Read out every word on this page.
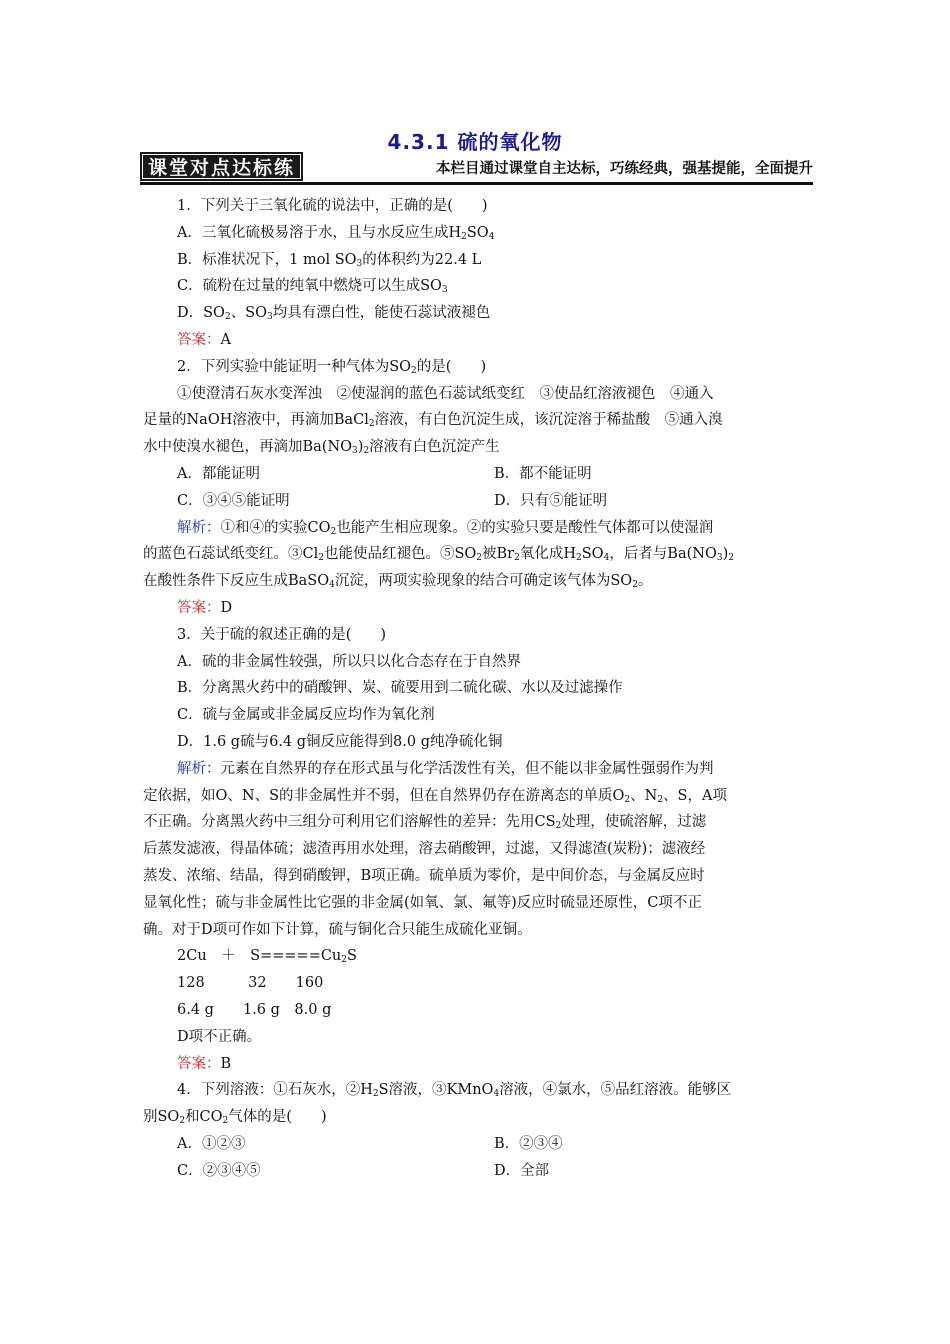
4.3.1 硫的氧化物
课堂对点达标练	本栏目通过课堂自主达标，巧练经典，强基提能，全面提升

1．下列关于三氧化硫的说法中，正确的是(　　)

A．三氧化硫极易溶于水，且与水反应生成$H_2SO_4$

B．标准状况下，1 mol $SO_3$的体积约为22.4 L

C．硫粉在过量的纯氧中燃烧可以生成$SO_3$

D．$SO_2$、$SO_3$均具有漂白性，能使石蕊试液褪色

答案：A

2．下列实验中能证明一种气体为$SO_2$的是(　　)

①使澄清石灰水变浑浊　②使湿润的蓝色石蕊试纸变红　③使品红溶液褪色　④通入

足量的NaOH溶液中，再滴加BaCl$_2$溶液，有白色沉淀生成，该沉淀溶于稀盐酸　⑤通入溴

水中使溴水褪色，再滴加$Ba(NO_3)_2$溶液有白色沉淀产生

A．都能证明	B．都不能证明
C．③④⑤能证明	D．只有⑤能证明

解析：①和④的实验$CO_2$也能产生相应现象。②的实验只要是酸性气体都可以使湿润

的蓝色石蕊试纸变红。$③Cl_2$也能使品红褪色。$⑤SO_2$被$Br_2$氧化成$H_2SO_4$，后者与$Ba(NO_3)_2$

在酸性条件下反应生成BaSO$_4$沉淀，两项实验现象的结合可确定该气体为$SO_2$。

答案：D

3．关于硫的叙述正确的是(　　)

A．硫的非金属性较强，所以只以化合态存在于自然界

B．分离黑火药中的硝酸钾、炭、硫要用到二硫化碳、水以及过滤操作

C．硫与金属或非金属反应均作为氧化剂

D．1.6 g硫与6.4 g铜反应能得到8.0 g纯净硫化铜

解析：元素在自然界的存在形式虽与化学活泼性有关，但不能以非金属性强弱作为判

定依据，如O、N、S的非金属性并不弱，但在自然界仍存在游离态的单质$O_2$、$N_2$、S，A项

不正确。分离黑火药中三组分可利用它们溶解性的差异：先用$CS_2$处理，使硫溶解，过滤

后蒸发滤液，得晶体硫；滤渣再用水处理，溶去硝酸钾，过滤，又得滤渣(炭粉)；滤液经

蒸发、浓缩、结晶，得到硝酸钾，B项正确。硫单质为零价，是中间价态，与金属反应时

显氧化性；硫与非金属性比它强的非金属(如氧、氯、氟等)反应时硫显还原性，C项不正

确。对于D项可作如下计算，硫与铜化合只能生成硫化亚铜。

2Cu　＋　$S=====Cu_2S$

128　　　32　　160

6.4 g　　1.6 g　8.0 g

D项不正确。

答案：B

4．下列溶液：①石灰水，$②H_2S$溶液，③KMnO$_4$溶液，④氯水，⑤品红溶液。能够区

别$SO_2$和$CO_2$气体的是(　　)

A．①②③	B．②③④
C．②③④⑤	D．全部
